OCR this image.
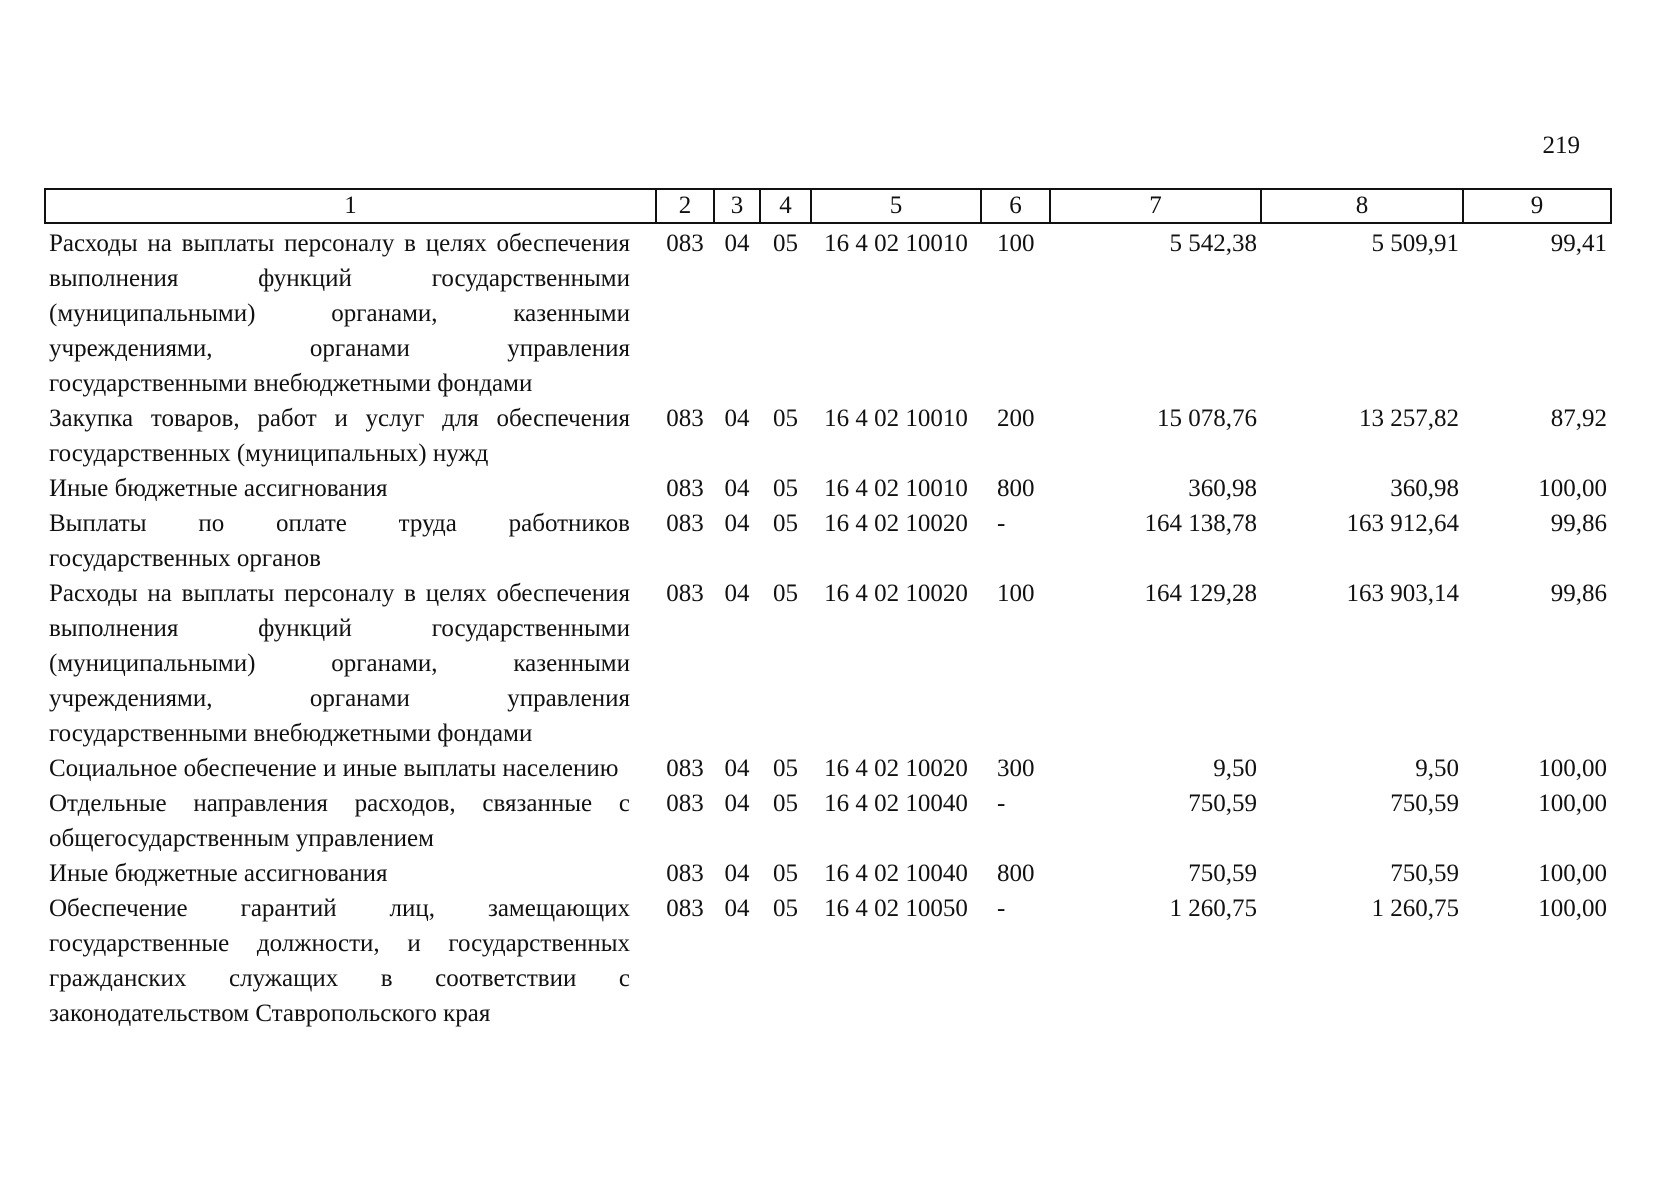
219
1	2	3	4	5	6	7	8	9
Расходы на выплаты персоналу в целях обеспечения выполнения функций государственными (муниципальными) органами, казенными учреждениями, органами управления государственными внебюджетными фондами	083	04	05	16 4 02 10010	100	5 542,38	5 509,91	99,41
Закупка товаров, работ и услуг для обеспечения государственных (муниципальных) нужд	083	04	05	16 4 02 10010	200	15 078,76	13 257,82	87,92
Иные бюджетные ассигнования	083	04	05	16 4 02 10010	800	360,98	360,98	100,00
Выплаты по оплате труда работников государственных органов	083	04	05	16 4 02 10020	-	164 138,78	163 912,64	99,86
Расходы на выплаты персоналу в целях обеспечения выполнения функций государственными (муниципальными) органами, казенными учреждениями, органами управления государственными внебюджетными фондами	083	04	05	16 4 02 10020	100	164 129,28	163 903,14	99,86
Социальное обеспечение и иные выплаты населению	083	04	05	16 4 02 10020	300	9,50	9,50	100,00
Отдельные направления расходов, связанные с общегосударственным управлением	083	04	05	16 4 02 10040	-	750,59	750,59	100,00
Иные бюджетные ассигнования	083	04	05	16 4 02 10040	800	750,59	750,59	100,00
Обеспечение гарантий лиц, замещающих государственные должности, и государственных гражданских служащих в соответствии с законодательством Ставропольского края	083	04	05	16 4 02 10050	-	1 260,75	1 260,75	100,00
